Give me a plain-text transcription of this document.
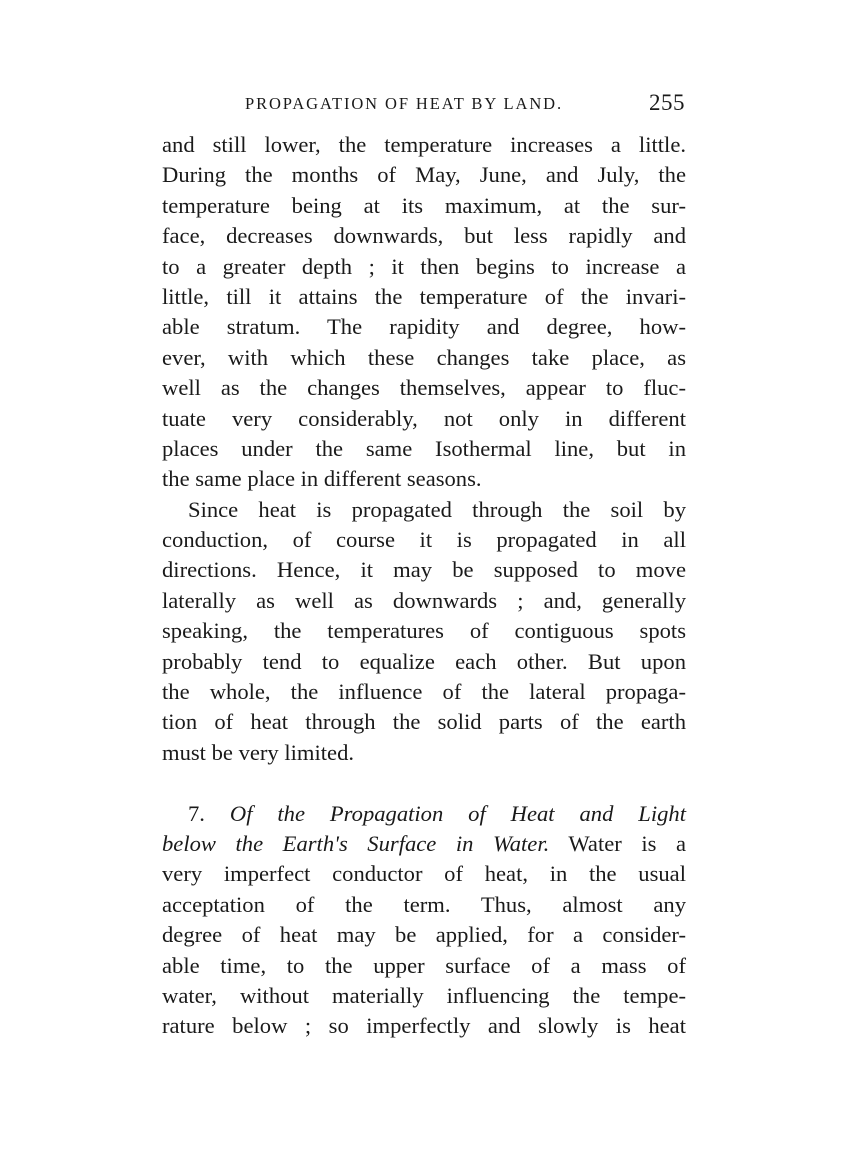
PROPAGATION OF HEAT BY LAND.	255
and still lower, the temperature increases a little.
During the months of May, June, and July, the
temperature being at its maximum, at the sur-
face, decreases downwards, but less rapidly and
to a greater depth ; it then begins to increase a
little, till it attains the temperature of the invari-
able stratum. The rapidity and degree, how-
ever, with which these changes take place, as
well as the changes themselves, appear to fluc-
tuate very considerably, not only in different
places under the same Isothermal line, but in
the same place in different seasons.
Since heat is propagated through the soil by
conduction, of course it is propagated in all
directions. Hence, it may be supposed to move
laterally as well as downwards ; and, generally
speaking, the temperatures of contiguous spots
probably tend to equalize each other. But upon
the whole, the influence of the lateral propaga-
tion of heat through the solid parts of the earth
must be very limited.
7. Of the Propagation of Heat and Light
below the Earth's Surface in Water. Water is a
very imperfect conductor of heat, in the usual
acceptation of the term. Thus, almost any
degree of heat may be applied, for a consider-
able time, to the upper surface of a mass of
water, without materially influencing the tempe-
rature below ; so imperfectly and slowly is heat
